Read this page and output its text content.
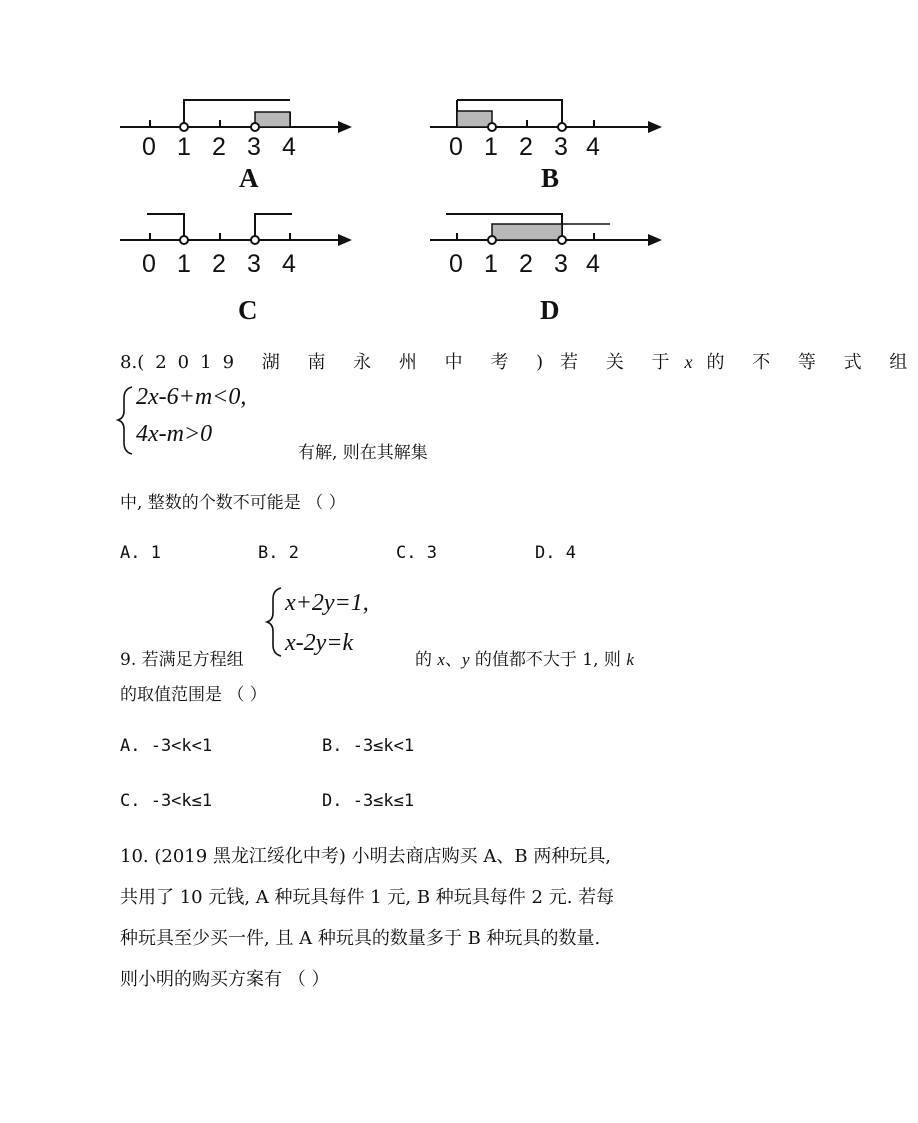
0 1 2 3 4
A
0 1 2 3 4
B
0 1 2 3 4
C
0 1 2 3 4
D
8.(2019 湖 南 永 州 中 考 ) 若 关 于 x 的 不 等 式 组
2x-6+m<0,
4x-m>0
有解, 则在其解集
中, 整数的个数不可能是 （ ）
A. 1	B. 2	C. 3	D. 4
x+2y=1,
x-2y=k
9. 若满足方程组	的 x、y 的值都不大于 1, 则 k
的取值范围是 （ ）
A. -3<k<1	B. -3≤k<1
C. -3<k≤1	D. -3≤k≤1
10. (2019 黑龙江绥化中考) 小明去商店购买 A、B 两种玩具,
共用了 10 元钱, A 种玩具每件 1 元, B 种玩具每件 2 元. 若每
种玩具至少买一件, 且 A 种玩具的数量多于 B 种玩具的数量.
则小明的购买方案有 （ ）
